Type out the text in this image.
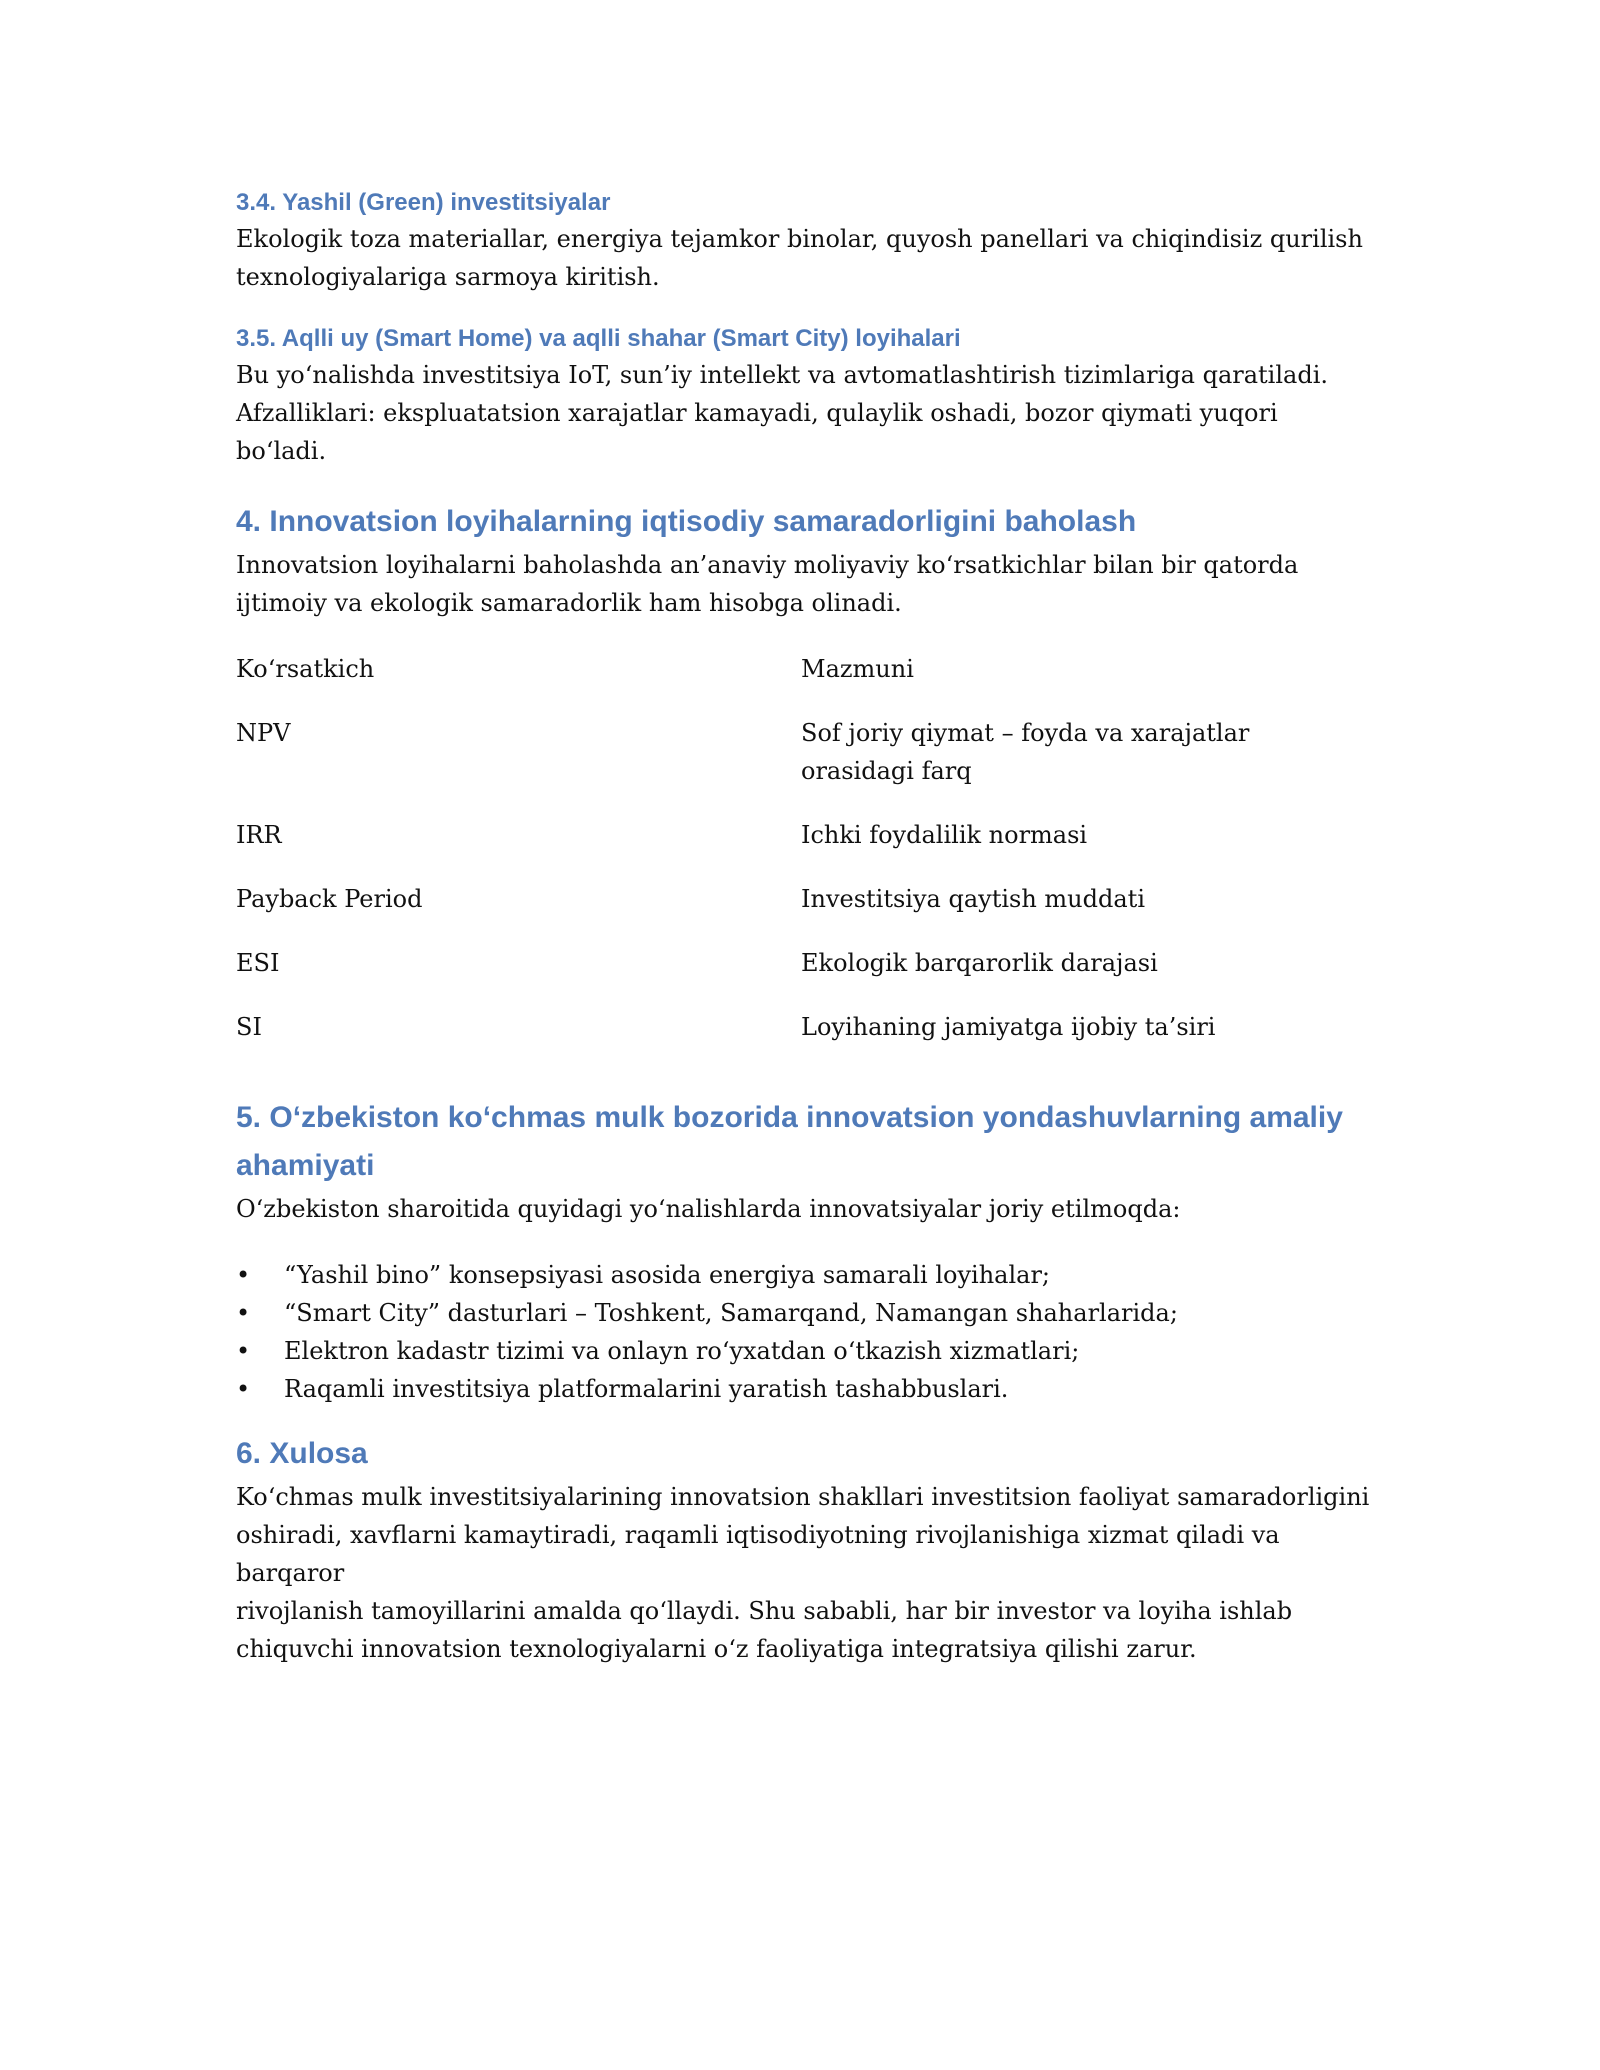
3.4. Yashil (Green) investitsiyalar
Ekologik toza materiallar, energiya tejamkor binolar, quyosh panellari va chiqindisiz qurilish
texnologiyalariga sarmoya kiritish.
3.5. Aqlli uy (Smart Home) va aqlli shahar (Smart City) loyihalari
Bu yo‘nalishda investitsiya IoT, sun’iy intellekt va avtomatlashtirish tizimlariga qaratiladi.
Afzalliklari: ekspluatatsion xarajatlar kamayadi, qulaylik oshadi, bozor qiymati yuqori bo‘ladi.
4. Innovatsion loyihalarning iqtisodiy samaradorligini baholash
Innovatsion loyihalarni baholashda an’anaviy moliyaviy ko‘rsatkichlar bilan bir qatorda
ijtimoiy va ekologik samaradorlik ham hisobga olinadi.
Ko‘rsatkich	Mazmuni
NPV	Sof joriy qiymat – foyda va xarajatlar
orasidagi farq
IRR	Ichki foydalilik normasi
Payback Period	Investitsiya qaytish muddati
ESI	Ekologik barqarorlik darajasi
SI	Loyihaning jamiyatga ijobiy ta’siri
5. O‘zbekiston ko‘chmas mulk bozorida innovatsion yondashuvlarning amaliy
ahamiyati
O‘zbekiston sharoitida quyidagi yo‘nalishlarda innovatsiyalar joriy etilmoqda:
• “Yashil bino” konsepsiyasi asosida energiya samarali loyihalar;
• “Smart City” dasturlari – Toshkent, Samarqand, Namangan shaharlarida;
• Elektron kadastr tizimi va onlayn ro‘yxatdan o‘tkazish xizmatlari;
• Raqamli investitsiya platformalarini yaratish tashabbuslari.
6. Xulosa
Ko‘chmas mulk investitsiyalarining innovatsion shakllari investitsion faoliyat samaradorligini
oshiradi, xavflarni kamaytiradi, raqamli iqtisodiyotning rivojlanishiga xizmat qiladi va barqaror
rivojlanish tamoyillarini amalda qo‘llaydi. Shu sababli, har bir investor va loyiha ishlab
chiquvchi innovatsion texnologiyalarni o‘z faoliyatiga integratsiya qilishi zarur.
